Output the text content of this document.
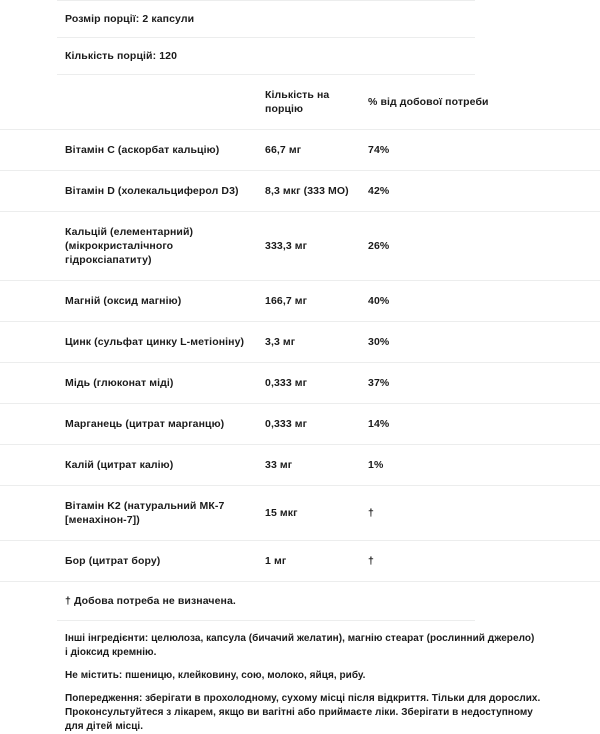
Розмір порції: 2 капсули
Кількість порцій: 120
	Кількість на порцію	% від добової потреби
Вітамін C (аскорбат кальцію)	66,7 мг	74%
Вітамін D (холекальциферол D3)	8,3 мкг (333 МО)	42%
Кальцій (елементарний) (мікрокристалічного гідроксіапатиту)	333,3 мг	26%
Магній (оксид магнію)	166,7 мг	40%
Цинк (сульфат цинку L-метіоніну)	3,3 мг	30%
Мідь (глюконат міді)	0,333 мг	37%
Марганець (цитрат марганцю)	0,333 мг	14%
Калій (цитрат калію)	33 мг	1%
Вітамін K2 (натуральний МК-7 [менахінон-7])	15 мкг	†
Бор (цитрат бору)	1 мг	†
† Добова потреба не визначена.
Інші інгредієнти: целюлоза, капсула (бичачий желатин), магнію стеарат (рослинний джерело) і діоксид кремнію.
Не містить: пшеницю, клейковину, сою, молоко, яйця, рибу.
Попередження: зберігати в прохолодному, сухому місці після відкриття. Тільки для дорослих. Проконсультуйтеся з лікарем, якщо ви вагітні або приймаєте ліки. Зберігати в недоступному для дітей місці.
